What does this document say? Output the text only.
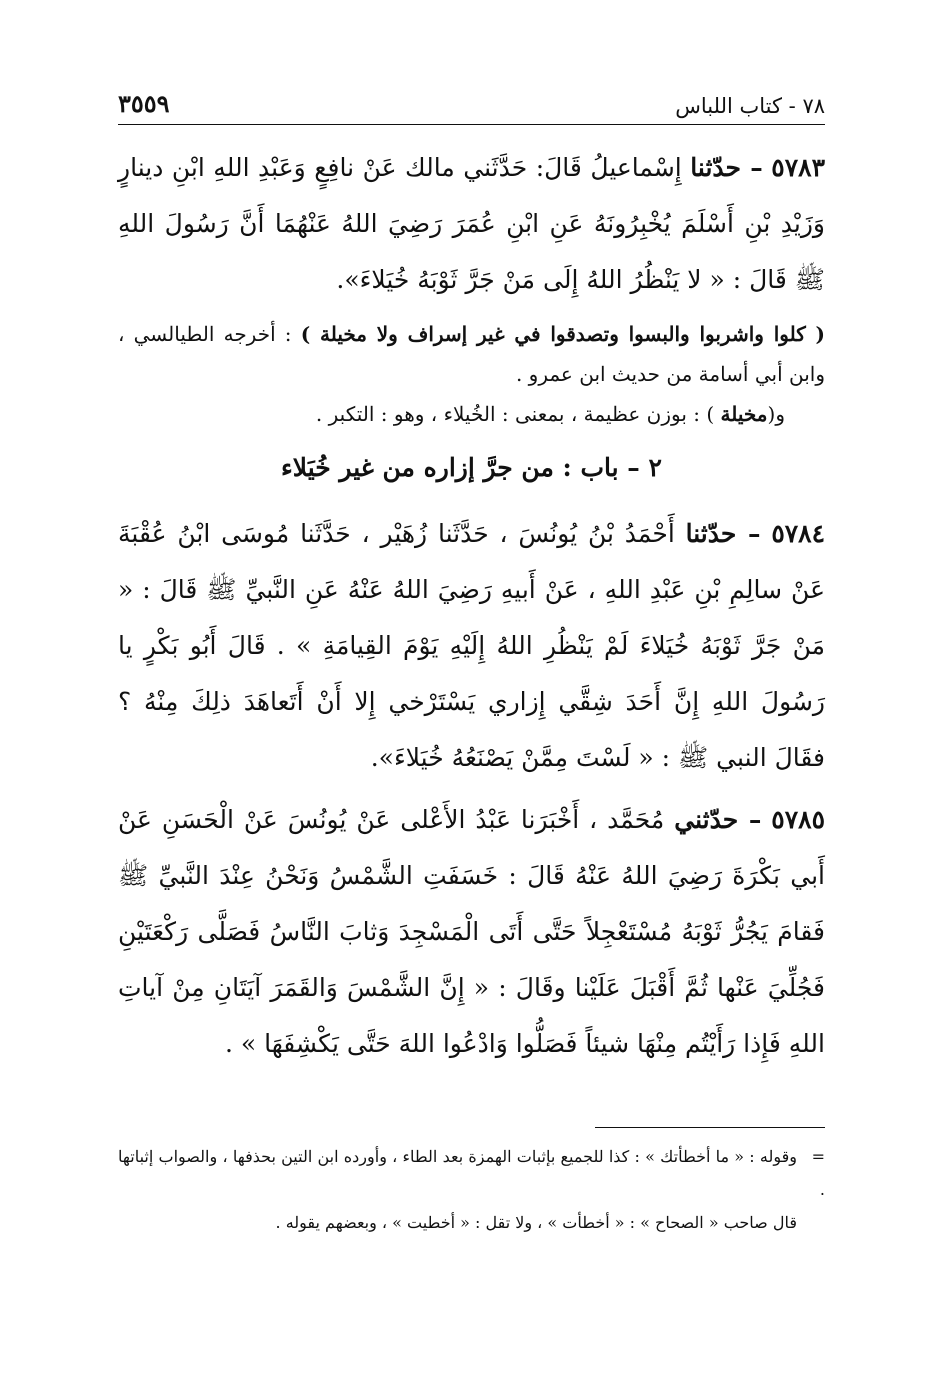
٧٨ - كتاب اللباس
٣٥٥٩

٥٧٨٣ – حدّثنا إِسْماعيلُ قَالَ: حَدَّثَني مالك عَنْ نافِعٍ وَعَبْدِ اللهِ ابْنِ دينارٍ وَزَيْدِ بْنِ أَسْلَمَ يُخْبِرُونَهُ عَنِ ابْنِ عُمَرَ رَضِيَ اللهُ عَنْهُمَا أَنَّ رَسُولَ اللهِ ﷺ قَالَ : « لا يَنْظُرُ اللهُ إِلَى مَنْ جَرَّ ثَوْبَهُ خُيَلاءَ».

( كلوا واشربوا والبسوا وتصدقوا في غير إسراف ولا مخيلة ) : أخرجه الطيالسي ، وابن أبي أسامة من حديث ابن عمرو .

و(مخيلة ) : بوزن عظيمة ، بمعنى : الخُيلاء ، وهو : التكبر .

٢ – باب : من جرَّ إزاره من غير خُيَلاء

٥٧٨٤ – حدّثنا أَحْمَدُ بْنُ يُونُسَ ، حَدَّثَنا زُهَيْر ، حَدَّثَنا مُوسَى ابْنُ عُقْبَةَ عَنْ سالِمِ بْنِ عَبْدِ اللهِ ، عَنْ أَبيهِ رَضِيَ اللهُ عَنْهُ عَنِ النَّبيِّ ﷺ قَالَ : « مَنْ جَرَّ ثَوْبَهُ خُيَلاءَ لَمْ يَنْظُرِ اللهُ إِلَيْهِ يَوْمَ القِيامَةِ » . قَالَ أَبُو بَكْرٍ يا رَسُولَ اللهِ إِنَّ أَحَدَ شِقَّي إِزاري يَسْتَرْخي إِلا أَنْ أَتَعاهَدَ ذلِكَ مِنْهُ ؟ فقَالَ النبي ﷺ : « لَسْتَ مِمَّنْ يَصْنَعُهُ خُيَلاءَ».

٥٧٨٥ – حدّثني مُحَمَّد ، أَخْبَرَنا عَبْدُ الأَعْلى عَنْ يُونُسَ عَنْ الْحَسَنِ عَنْ أَبي بَكْرَةَ رَضِيَ اللهُ عَنْهُ قَالَ : خَسَفَتِ الشَّمْسُ وَنَحْنُ عِنْدَ النَّبيِّ ﷺ فَقامَ يَجُرُّ ثَوْبَهُ مُسْتَعْجِلاً حَتَّى أَتَى الْمَسْجِدَ وَثابَ النَّاسُ فَصَلَّى رَكْعَتَيْنِ فَجُلِّيَ عَنْها ثُمَّ أَقْبَلَ عَلَيْنا وقَالَ : « إِنَّ الشَّمْسَ وَالقَمَرَ آيَتَانِ مِنْ آياتِ اللهِ فَإِذا رَأَيْتُم مِنْهَا شيئاً فَصَلُّوا وَادْعُوا اللهَ حَتَّى يَكْشِفَهَا » .

=وقوله : « ما أخطأتك » : كذا للجميع بإثبات الهمزة بعد الطاء ، وأورده ابن التين بحذفها ، والصواب إثباتها .

قال صاحب « الصحاح » : « أخطأت » ، ولا تقل : « أخطيت » ، وبعضهم يقوله .
